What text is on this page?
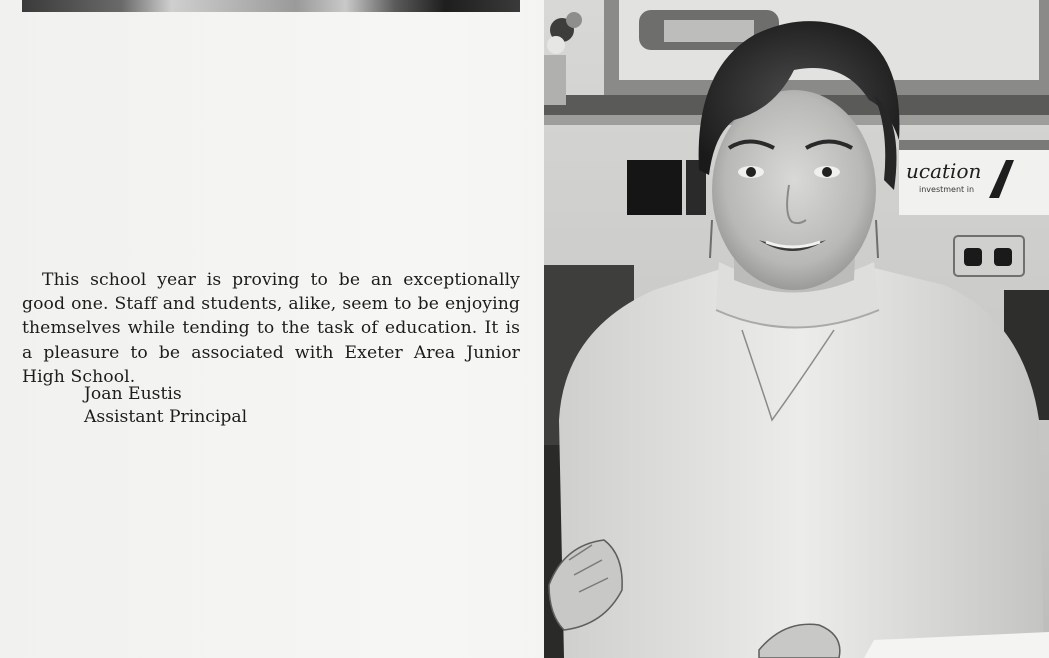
This school year is proving to be an exceptionally good one. Staff and students, alike, seem to be enjoying themselves while tending to the task of education. It is a pleasure to be associated with Exeter Area Junior High School.

Joan Eustis

Assistant Principal

ucation
investment in
